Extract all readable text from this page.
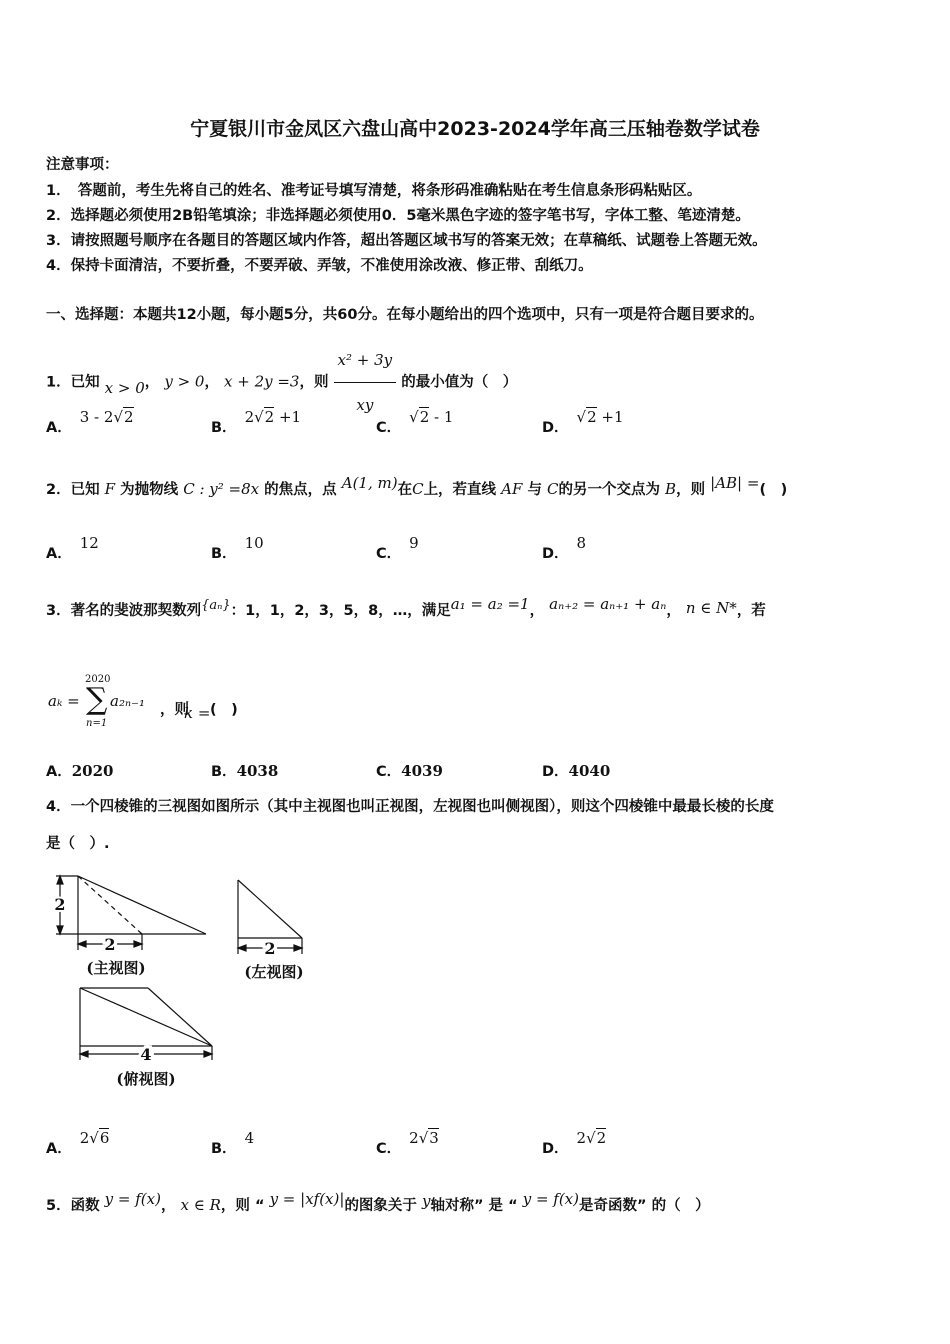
宁夏银川市金凤区六盘山高中2023-2024学年高三压轴卷数学试卷
注意事项：
1．　答题前，考生先将自己的姓名、准考证号填写清楚，将条形码准确粘贴在考生信息条形码粘贴区。
2．选择题必须使用2B铅笔填涂；非选择题必须使用0．5毫米黑色字迹的签字笔书写，字体工整、笔迹清楚。
3．请按照题号顺序在各题目的答题区域内作答，超出答题区域书写的答案无效；在草稿纸、试题卷上答题无效。
4．保持卡面清洁，不要折叠，不要弄破、弄皱，不准使用涂改液、修正带、刮纸刀。
一、选择题：本题共12小题，每小题5分，共60分。在每小题给出的四个选项中，只有一项是符合题目要求的。
1．已知 x > 0， y > 0， x + 2y =3，则 $\frac{\text{x² + 3y}}{xy}$ 的最小值为（　）
A．3 - 2√2
B．2√2 +1
C．√2 - 1
D．√2 +1
2．已知 F 为抛物线 C : y² =8x 的焦点，点 A(1, m)在C上，若直线 AF 与 C的另一个交点为 B，则 |AB| =(　)
A．12
B．10
C．9
D．8
3．著名的斐波那契数列{aₙ}：1，1，2，3，5，8，…，满足a₁ = a₂ =1， aₙ₊₂ = aₙ₊₁ + aₙ， n ∈ N*，若
aₖ =
2020
∑
n=1
a₂ₙ₋₁ ，则
k = (　)
A．2020	B．4038	C．4039	D．4040
4．一个四棱锥的三视图如图所示（其中主视图也叫正视图，左视图也叫侧视图），则这个四棱锥中最最长棱的长度
是（　）.
2
2
(主视图)
2
(左视图)
4
(俯视图)
A．2√6
B．4
C．2√3
D．2√2
5．函数 y = f(x)， x ∈ R，则 “ y = |xf(x)|的图象关于 y轴对称” 是 “ y = f(x)是奇函数” 的（　）
